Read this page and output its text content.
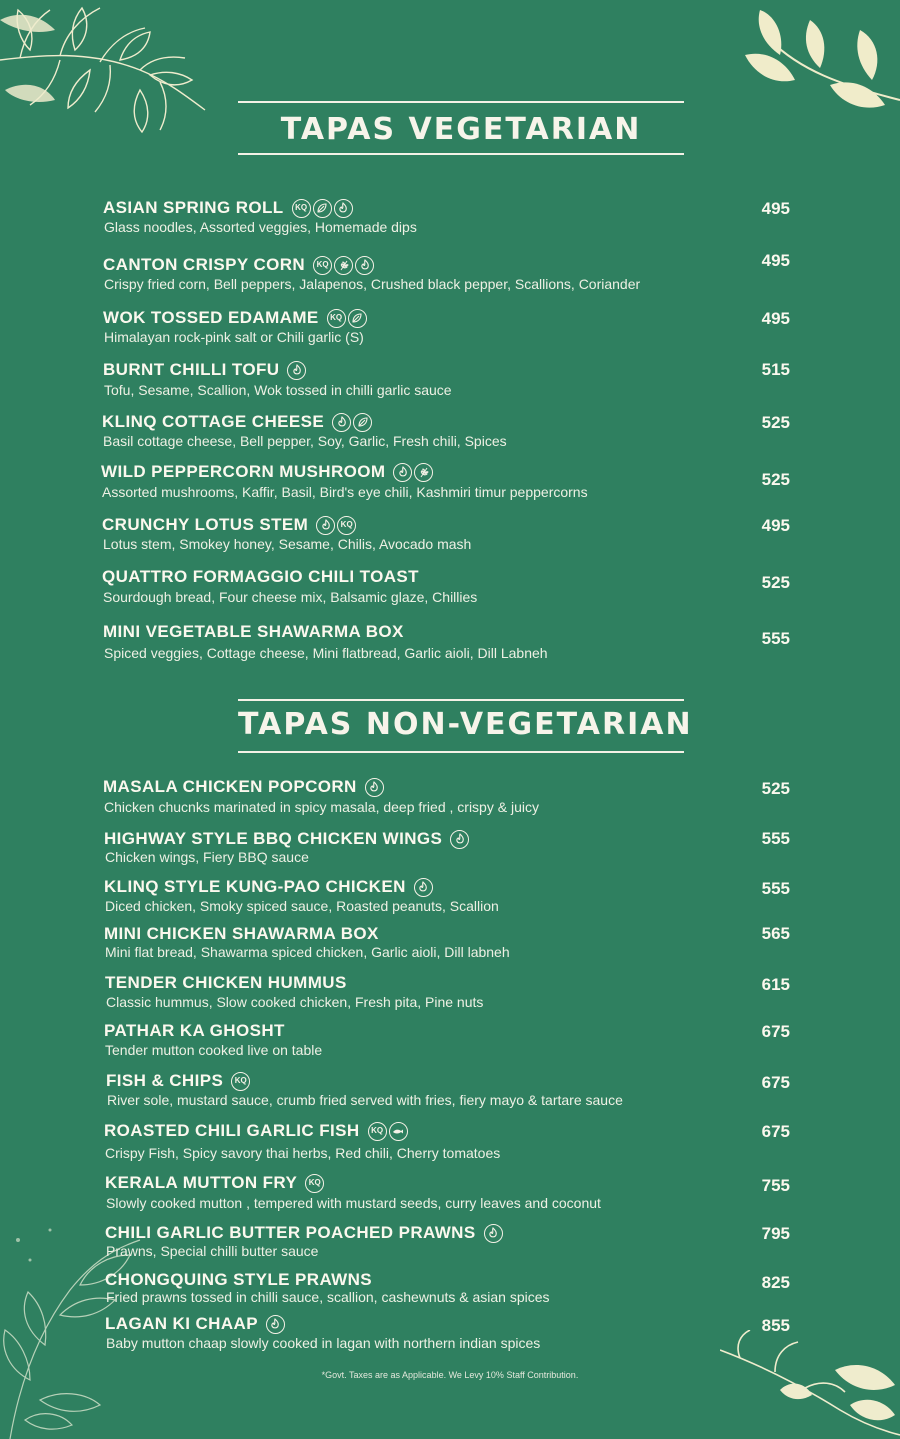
TAPAS VEGETARIAN
TAPAS NON-VEGETARIAN
ASIAN SPRING ROLL	KQ
Glass noodles, Assorted veggies, Homemade dips
495
CANTON CRISPY CORN	KQ
Crispy fried corn, Bell peppers, Jalapenos, Crushed black pepper, Scallions, Coriander
495
WOK TOSSED EDAMAME	KQ
Himalayan rock-pink salt or Chili garlic (S)
495
BURNT CHILLI TOFU
Tofu, Sesame, Scallion, Wok tossed in chilli garlic sauce
515
KLINQ COTTAGE CHEESE
Basil cottage cheese, Bell pepper, Soy, Garlic, Fresh chili, Spices
525
WILD PEPPERCORN MUSHROOM
Assorted mushrooms, Kaffir, Basil, Bird's eye chili, Kashmiri timur peppercorns
525
CRUNCHY LOTUS STEM	KQ
Lotus stem, Smokey honey, Sesame, Chilis, Avocado mash
495
QUATTRO FORMAGGIO CHILI TOAST
Sourdough bread, Four cheese mix, Balsamic glaze, Chillies
525
MINI VEGETABLE SHAWARMA BOX
Spiced veggies, Cottage cheese, Mini flatbread, Garlic aioli, Dill Labneh
555
MASALA CHICKEN POPCORN
Chicken chucnks marinated in spicy masala, deep fried , crispy & juicy
525
HIGHWAY STYLE BBQ CHICKEN WINGS
Chicken wings, Fiery BBQ sauce
555
KLINQ STYLE KUNG-PAO CHICKEN
Diced chicken, Smoky spiced sauce, Roasted peanuts, Scallion
555
MINI CHICKEN SHAWARMA BOX
Mini flat bread, Shawarma spiced chicken, Garlic aioli, Dill labneh
565
TENDER CHICKEN HUMMUS
Classic hummus, Slow cooked chicken, Fresh pita, Pine nuts
615
PATHAR KA GHOSHT
Tender mutton cooked live on table
675
FISH & CHIPS	KQ
River sole, mustard sauce, crumb fried served with fries, fiery mayo & tartare sauce
675
ROASTED CHILI GARLIC FISH	KQ
Crispy Fish, Spicy savory thai herbs, Red chili, Cherry tomatoes
675
KERALA MUTTON FRY	KQ
Slowly cooked mutton , tempered with mustard seeds, curry leaves and coconut
755
CHILI GARLIC BUTTER POACHED PRAWNS
Prawns, Special chilli butter sauce
795
CHONGQUING STYLE PRAWNS
Fried prawns tossed in chilli sauce, scallion, cashewnuts & asian spices
825
LAGAN KI CHAAP
Baby mutton chaap slowly cooked in lagan with northern indian spices
855
*Govt. Taxes are as Applicable. We Levy 10% Staff Contribution.
